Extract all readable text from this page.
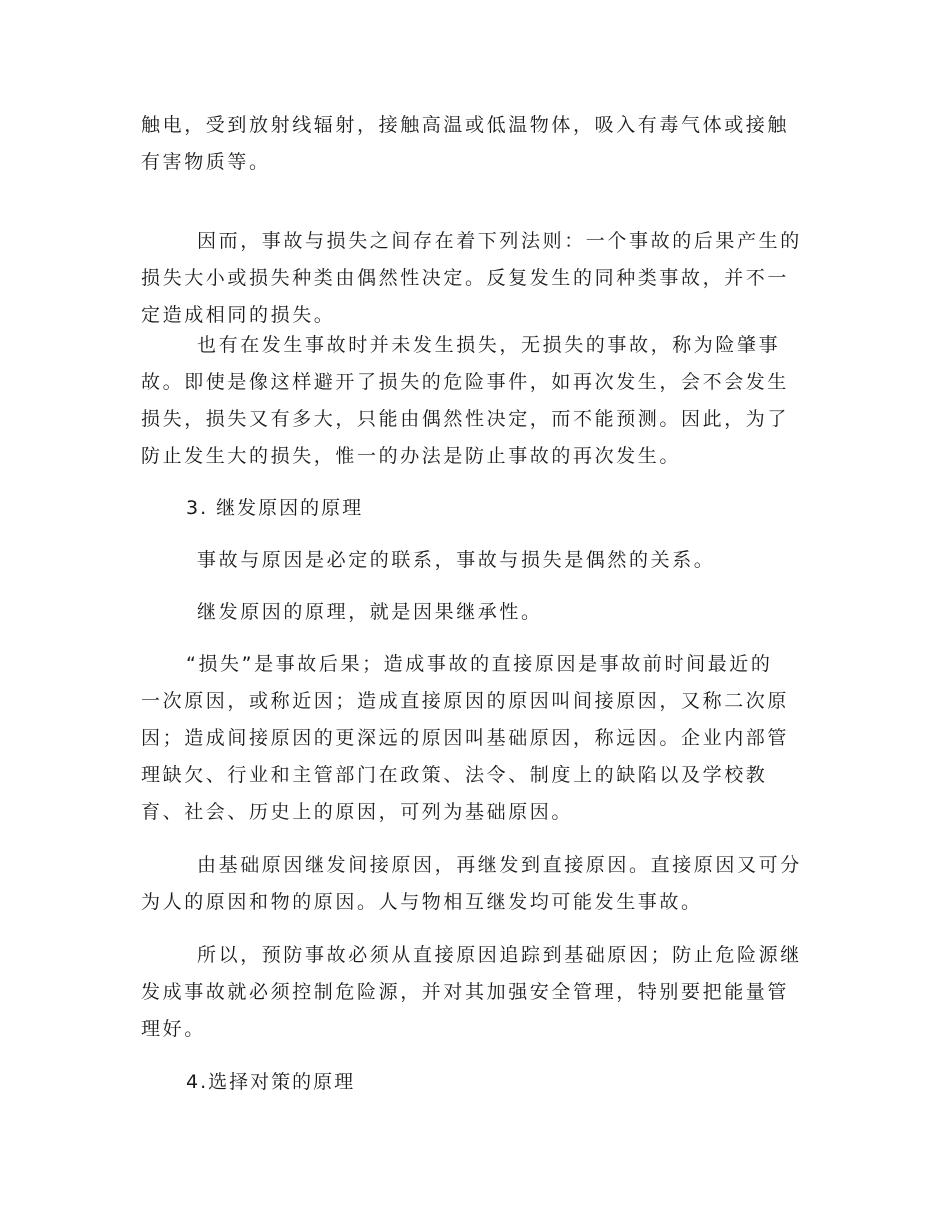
触电，受到放射线辐射，接触高温或低温物体，吸入有毒气体或接触
有害物质等。
因而，事故与损失之间存在着下列法则：一个事故的后果产生的
损失大小或损失种类由偶然性决定。反复发生的同种类事故，并不一
定造成相同的损失。
也有在发生事故时并未发生损失，无损失的事故，称为险肇事
故。即使是像这样避开了损失的危险事件，如再次发生，会不会发生
损失，损失又有多大，只能由偶然性决定，而不能预测。因此，为了
防止发生大的损失，惟一的办法是防止事故的再次发生。
3. 继发原因的原理
事故与原因是必定的联系，事故与损失是偶然的关系。
继发原因的原理，就是因果继承性。
“损失”是事故后果；造成事故的直接原因是事故前时间最近的
一次原因，或称近因；造成直接原因的原因叫间接原因，又称二次原
因；造成间接原因的更深远的原因叫基础原因，称远因。企业内部管
理缺欠、行业和主管部门在政策、法令、制度上的缺陷以及学校教
育、社会、历史上的原因，可列为基础原因。
由基础原因继发间接原因，再继发到直接原因。直接原因又可分
为人的原因和物的原因。人与物相互继发均可能发生事故。
所以，预防事故必须从直接原因追踪到基础原因；防止危险源继
发成事故就必须控制危险源，并对其加强安全管理，特别要把能量管
理好。
4.选择对策的原理
